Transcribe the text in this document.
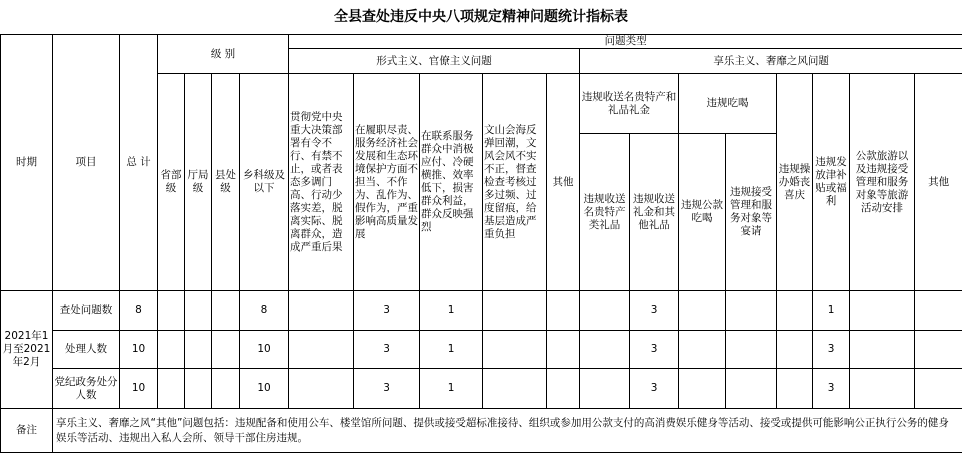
全县查处违反中央八项规定精神问题统计指标表
时期	项目	总 计	级 别				问题类型												
							形式主义、官僚主义问题					享乐主义、奢靡之风问题							
			省部级	厅局级	县处级	乡科级及以下	贯彻党中央重大决策部署有令不行、有禁不止，或者表态多调门高、行动少落实差，脱离实际、脱离群众，造成严重后果	在履职尽责、服务经济社会发展和生态环境保护方面不担当、不作为、乱作为、假作为，严重影响高质量发展	在联系服务群众中消极应付、冷硬横推、效率低下，损害群众利益，群众反映强烈	文山会海反弹回潮，文风会风不实不正，督查检查考核过多过频、过度留痕，给基层造成严重负担	其他	违规收送名贵特产和礼品礼金		违规吃喝		违规操办婚丧喜庆	违规发放津补贴或福利	公款旅游以及违规接受管理和服务对象等旅游活动安排	其他
												违规收送名贵特产类礼品	违规收送礼金和其他礼品	违规公款吃喝	违规接受管理和服务对象等宴请				

2021年1月至2021年2月	查处问题数	8				8		3	1				3				1		
	处理人数	10				10		3	1				3				3		
	党纪政务处分人数	10				10		3	1				3				3		
备注	享乐主义、奢靡之风“其他”问题包括：违规配备和使用公车、楼堂馆所问题、提供或接受超标准接待、组织或参加用公款支付的高消费娱乐健身等活动、接受或提供可能影响公正执行公务的健身娱乐等活动、违规出入私人会所、领导干部住房违规。																		
